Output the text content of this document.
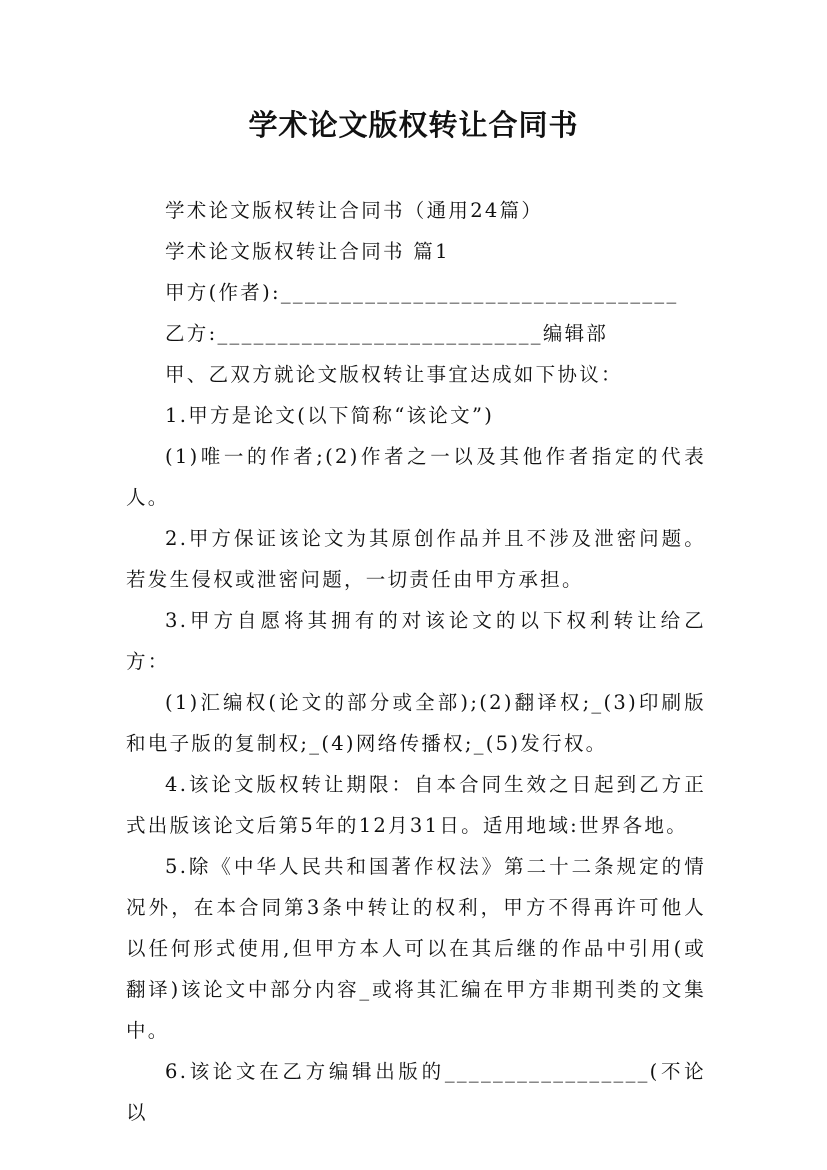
学术论文版权转让合同书

学术论文版权转让合同书（通用24篇）

学术论文版权转让合同书 篇1

甲方(作者):_________________________________

乙方:___________________________编辑部

甲、乙双方就论文版权转让事宜达成如下协议：

1.甲方是论文(以下简称“该论文”)

(1)唯一的作者;(2)作者之一以及其他作者指定的代表人。

2.甲方保证该论文为其原创作品并且不涉及泄密问题。若发生侵权或泄密问题，一切责任由甲方承担。

3.甲方自愿将其拥有的对该论文的以下权利转让给乙方：

(1)汇编权(论文的部分或全部);(2)翻译权;_(3)印刷版和电子版的复制权;_(4)网络传播权;_(5)发行权。

4.该论文版权转让期限：自本合同生效之日起到乙方正式出版该论文后第5年的12月31日。适用地域:世界各地。

5.除《中华人民共和国著作权法》第二十二条规定的情况外，在本合同第3条中转让的权利，甲方不得再许可他人以任何形式使用,但甲方本人可以在其后继的作品中引用(或翻译)该论文中部分内容_或将其汇编在甲方非期刊类的文集中。

6.该论文在乙方编辑出版的_________________(不论以
